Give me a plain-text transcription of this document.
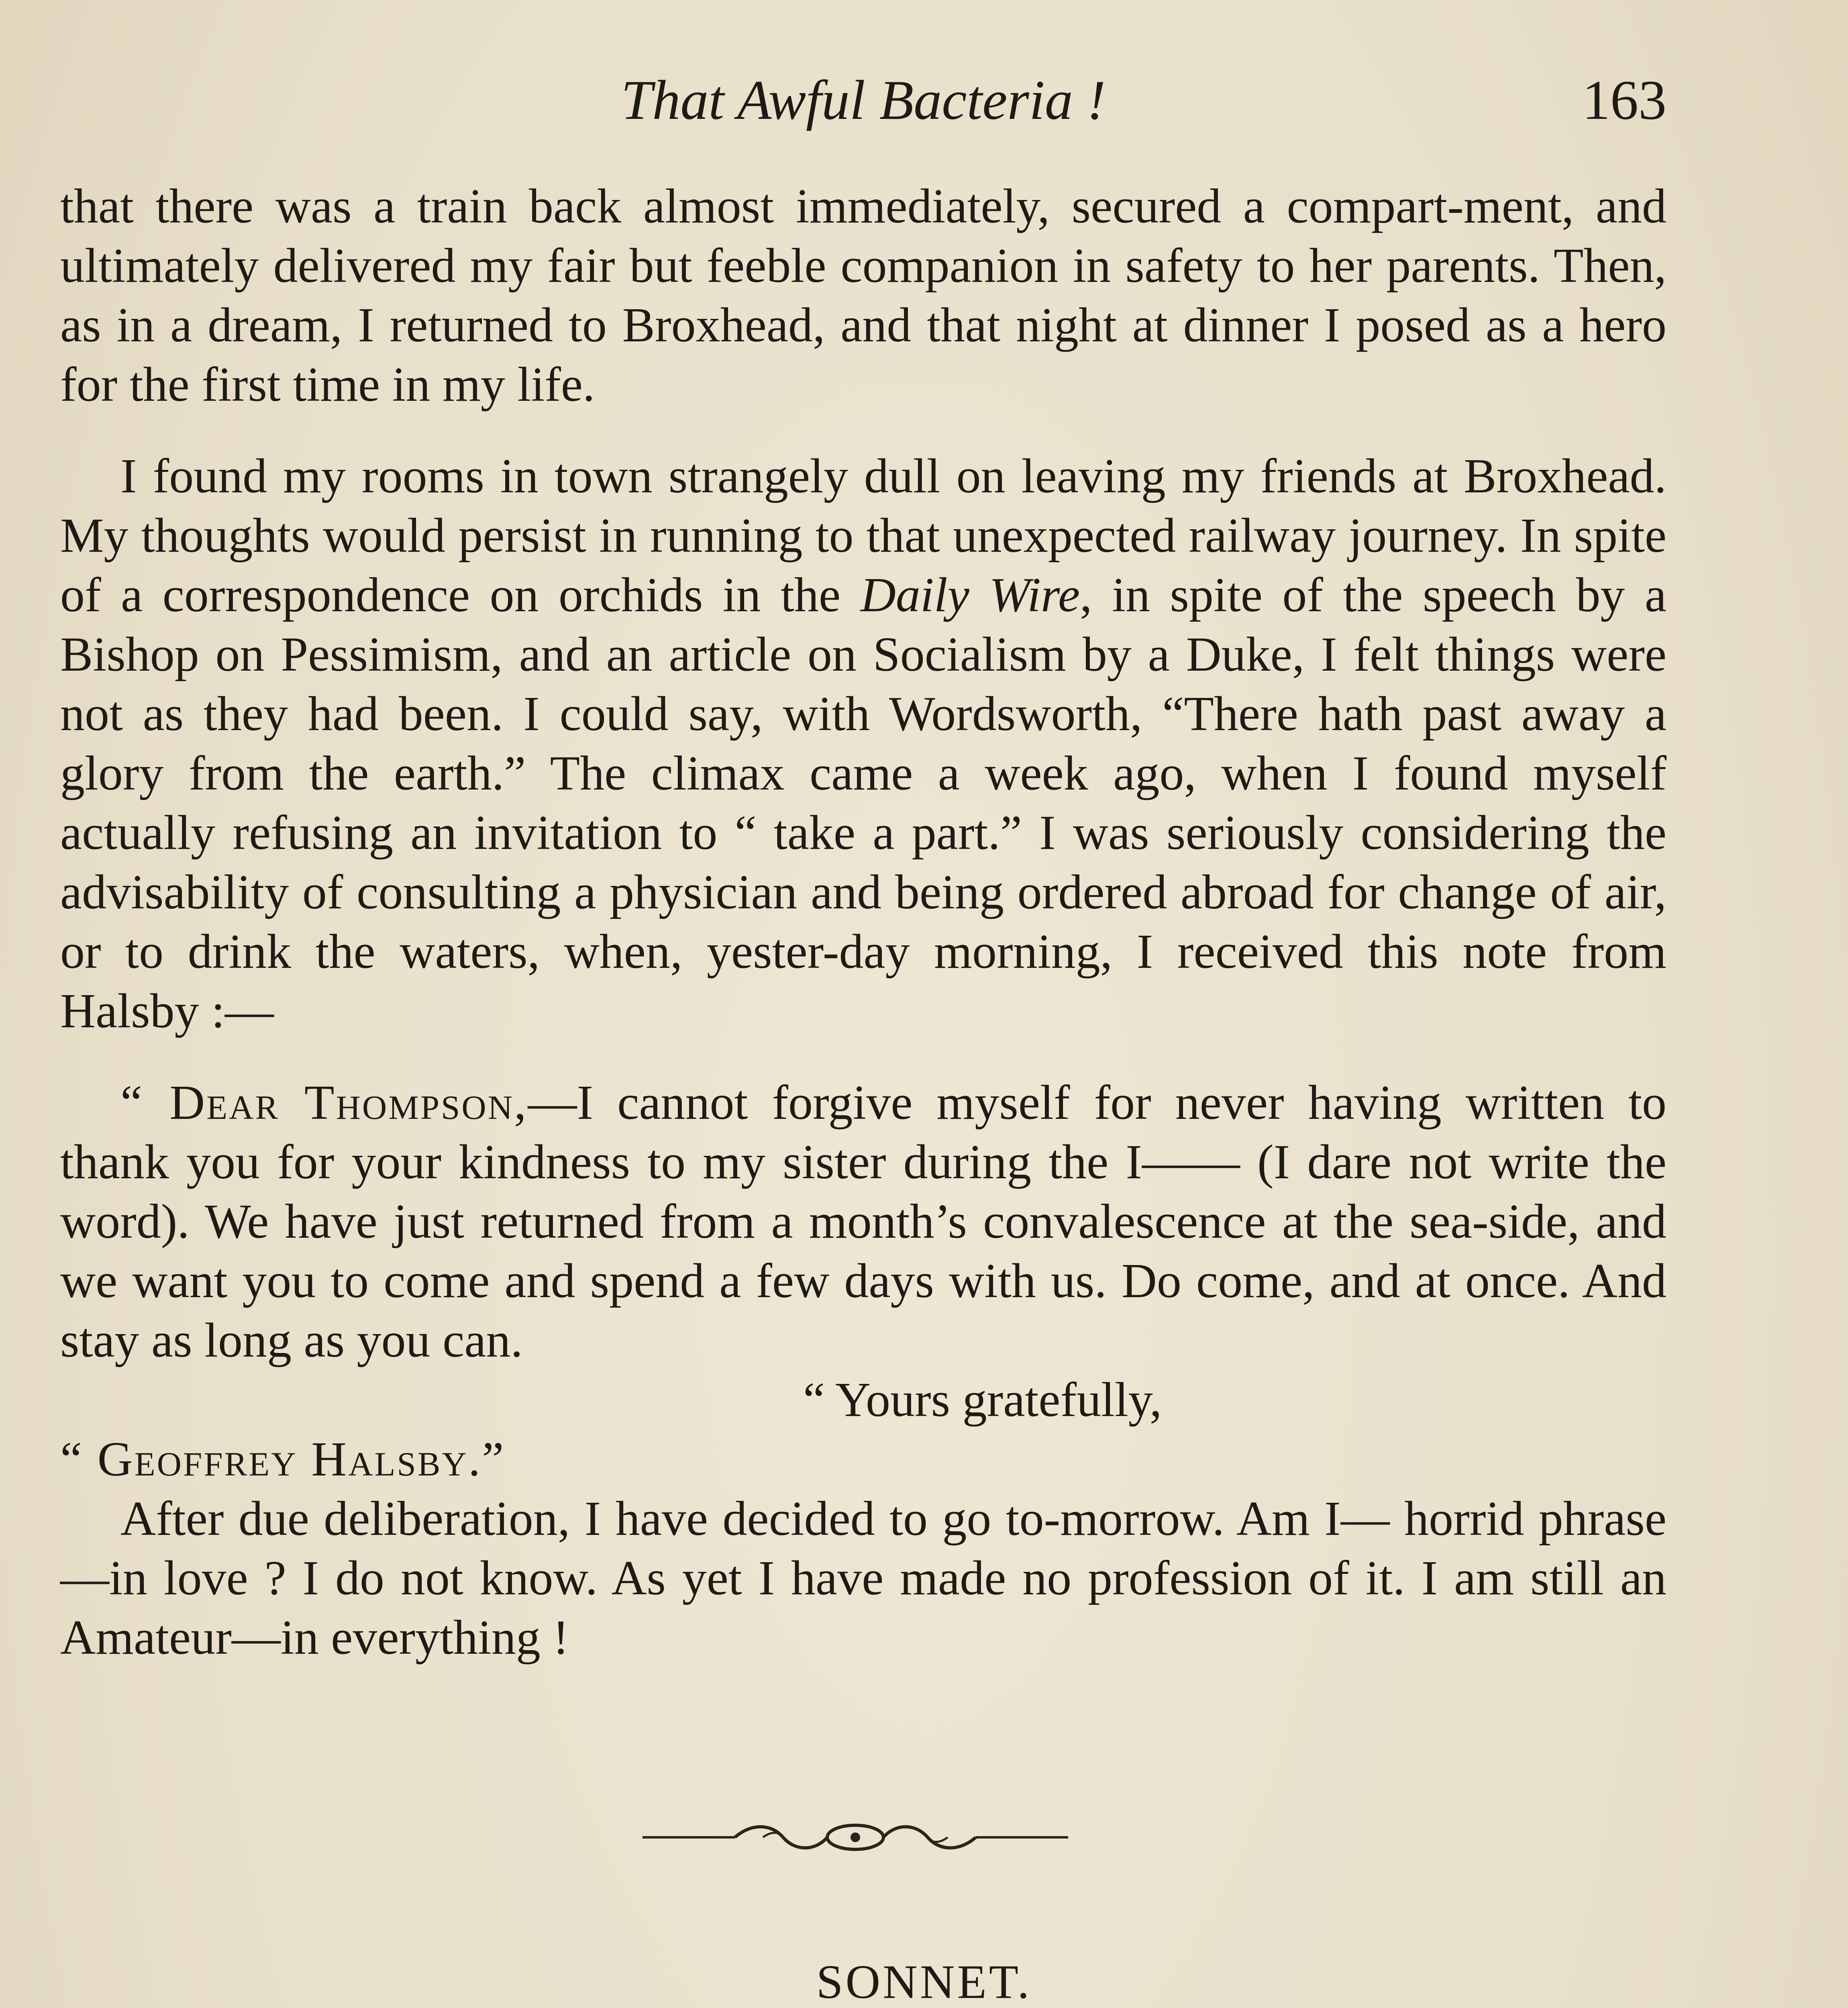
That Awful Bacteria !	163

that there was a train back almost immediately, secured a compart-ment, and ultimately delivered my fair but feeble companion in safety to her parents. Then, as in a dream, I returned to Broxhead, and that night at dinner I posed as a hero for the first time in my life.

I found my rooms in town strangely dull on leaving my friends at Broxhead. My thoughts would persist in running to that unexpected railway journey. In spite of a correspondence on orchids in the Daily Wire, in spite of the speech by a Bishop on Pessimism, and an article on Socialism by a Duke, I felt things were not as they had been. I could say, with Wordsworth, “There hath past away a glory from the earth.” The climax came a week ago, when I found myself actually refusing an invitation to “ take a part.” I was seriously considering the advisability of consulting a physician and being ordered abroad for change of air, or to drink the waters, when, yester-day morning, I received this note from Halsby :—

“ Dear Thompson,—I cannot forgive myself for never having written to thank you for your kindness to my sister during the I—— (I dare not write the word). We have just returned from a month’s convalescence at the sea-side, and we want you to come and spend a few days with us. Do come, and at once. And stay as long as you can.

“ Yours gratefully,

“ Geoffrey Halsby.”

After due deliberation, I have decided to go to-morrow. Am I— horrid phrase—in love ? I do not know. As yet I have made no profession of it. I am still an Amateur—in everything !

SONNET.
